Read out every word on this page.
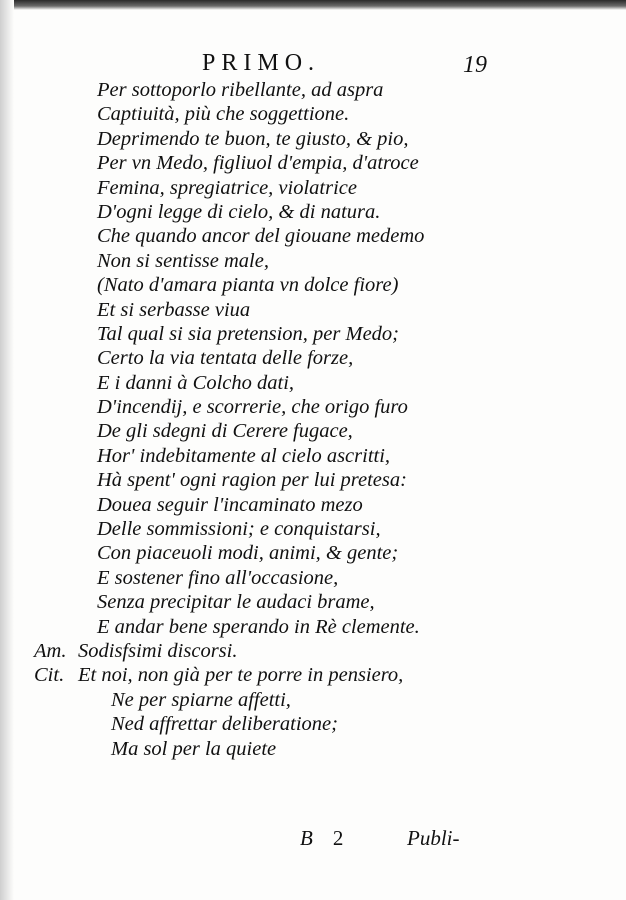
PRIMO.	19
Per sottoporlo ribellante, ad aspra
Captiuità, più che soggettione.
Deprimendo te buon, te giusto, & pio,
Per vn Medo, figliuol d'empia, d'atroce
Femina, spregiatrice, violatrice
D'ogni legge di cielo, & di natura.
Che quando ancor del giouane medemo
Non si sentisse male,
(Nato d'amara pianta vn dolce fiore)
Et si serbasse viua
Tal qual si sia pretension, per Medo;
Certo la via tentata delle forze,
E i danni à Colcho dati,
D'incendij, e scorrerie, che origo furo
De gli sdegni di Cerere fugace,
Hor' indebitamente al cielo ascritti,
Hà spent' ogni ragion per lui pretesa:
Douea seguir l'incaminato mezo
Delle sommissioni; e conquistarsi,
Con piaceuoli modi, animi, & gente;
E sostener fino all'occasione,
Senza precipitar le audaci brame,
E andar bene sperando in Rè clemente.
Am. Sodisfsimi discorsi.
Cit. Et noi, non già per te porre in pensiero,
Ne per spiarne affetti,
Ned affrettar deliberatione;
Ma sol per la quiete
B 2	Publi-
